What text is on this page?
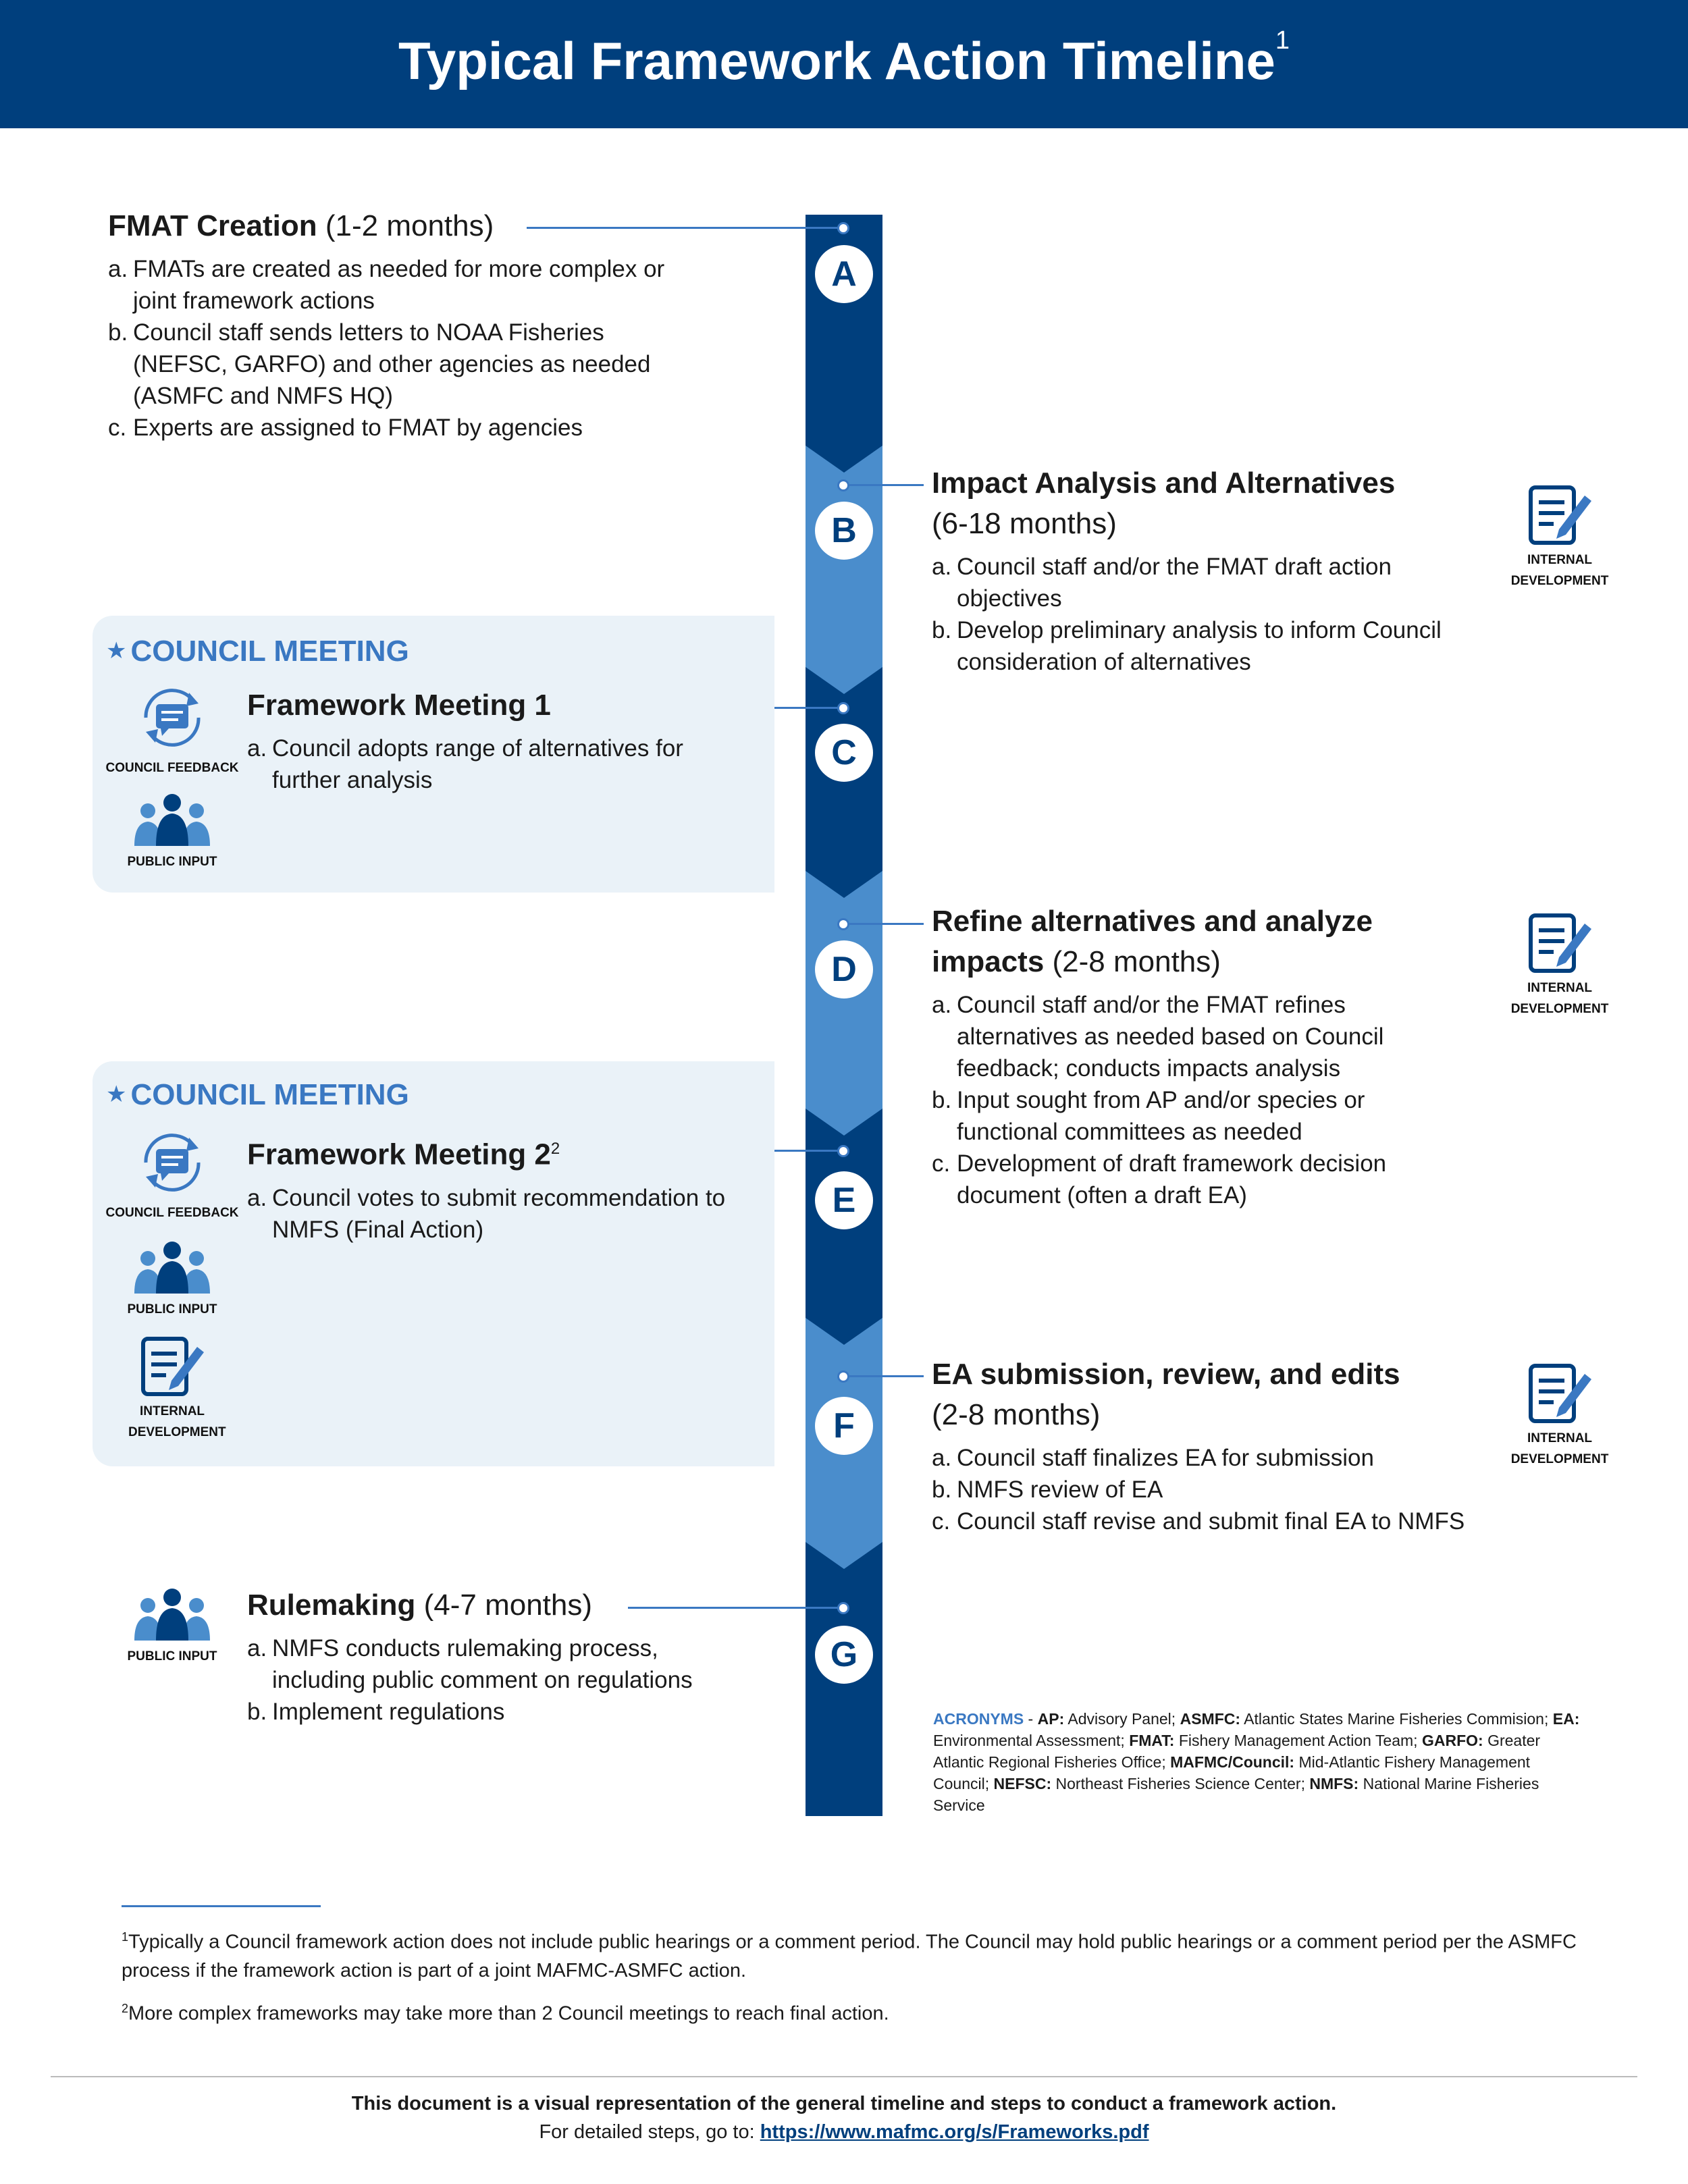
Typical Framework Action Timeline$^1$
A
B
C
D
E
F
G
FMAT Creation (1-2 months)
a. FMATs are created as needed for more complex or joint framework actions
b. Council staff sends letters to NOAA Fisheries (NEFSC, GARFO) and other agencies as needed (ASMFC and NMFS HQ)
c. Experts are assigned to FMAT by agencies
Impact Analysis and Alternatives
(6-18 months)
a. Council staff and/or the FMAT draft action objectives
b. Develop preliminary analysis to inform Council consideration of alternatives
INTERNAL DEVELOPMENT
★ COUNCIL MEETING
COUNCIL FEEDBACK
PUBLIC INPUT
Framework Meeting 1
a. Council adopts range of alternatives for further analysis
Refine alternatives and analyze impacts (2-8 months)
a. Council staff and/or the FMAT refines alternatives as needed based on Council feedback; conducts impacts analysis
b. Input sought from AP and/or species or functional committees as needed
c. Development of draft framework decision document (often a draft EA)
INTERNAL DEVELOPMENT
★ COUNCIL MEETING
COUNCIL FEEDBACK
PUBLIC INPUT
INTERNAL DEVELOPMENT
Framework Meeting $2^2$
a. Council votes to submit recommendation to NMFS (Final Action)
EA submission, review, and edits
(2-8 months)
a. Council staff finalizes EA for submission
b. NMFS review of EA
c. Council staff revise and submit final EA to NMFS
INTERNAL DEVELOPMENT
PUBLIC INPUT
Rulemaking (4-7 months)
a. NMFS conducts rulemaking process, including public comment on regulations
b. Implement regulations	ACRONYMS - AP: Advisory Panel; ASMFC: Atlantic States Marine Fisheries Commision; EA: Environmental Assessment; FMAT: Fishery Management Action Team; GARFO: Greater Atlantic Regional Fisheries Office; MAFMC/Council: Mid-Atlantic Fishery Management Council; NEFSC: Northeast Fisheries Science Center; NMFS: National Marine Fisheries Service
$^1$Typically a Council framework action does not include public hearings or a comment period. The Council may hold public hearings or a comment period per the ASMFC process if the framework action is part of a joint MAFMC-ASMFC action.
$^2$More complex frameworks may take more than 2 Council meetings to reach final action.
This document is a visual representation of the general timeline and steps to conduct a framework action.
For detailed steps, go to: https://www.mafmc.org/s/Frameworks.pdf
